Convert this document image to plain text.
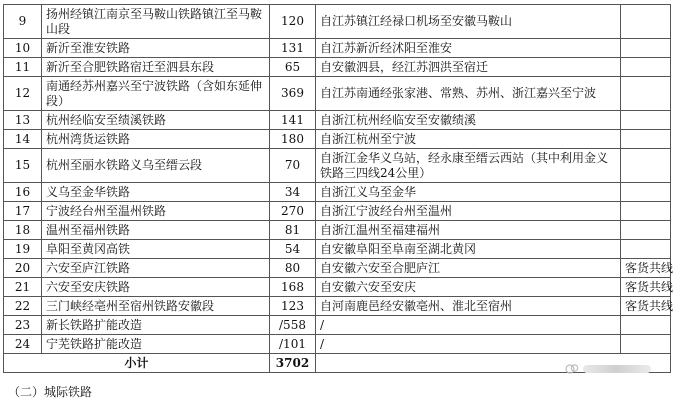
9	扬州经镇江南京至马鞍山铁路镇江至马鞍山段	120	自江苏镇江经禄口机场至安徽马鞍山	
10	新沂至淮安铁路	131	自江苏新沂经沭阳至淮安	
11	新沂至合肥铁路宿迁至泗县东段	65	自安徽泗县，经江苏泗洪至宿迁	
12	南通经苏州嘉兴至宁波铁路（含如东延伸段）	369	自江苏南通经张家港、常熟、苏州、浙江嘉兴至宁波	
13	杭州经临安至绩溪铁路	141	自浙江杭州经临安至安徽绩溪	
14	杭州湾货运铁路	180	自浙江杭州至宁波	
15	杭州至丽水铁路义乌至缙云段	70	自浙江金华义乌站，经永康至缙云西站（其中利用金义铁路三四线24公里）	
16	义乌至金华铁路	34	自浙江义乌至金华	
17	宁波经台州至温州铁路	270	自浙江宁波经台州至温州	
18	温州至福州铁路	81	自浙江温州至福建福州	
19	阜阳至黄冈高铁	54	自安徽阜阳至阜南至湖北黄冈	
20	六安至庐江铁路	80	自安徽六安至合肥庐江	客货共线
21	六安至安庆铁路	168	自安徽六安至安庆	客货共线
22	三门峡经亳州至宿州铁路安徽段	123	自河南鹿邑经安徽亳州、淮北至宿州	客货共线
23	新长铁路扩能改造	/558	/	
24	宁芜铁路扩能改造	/101	/	
小计		3702		
（二）城际铁路
